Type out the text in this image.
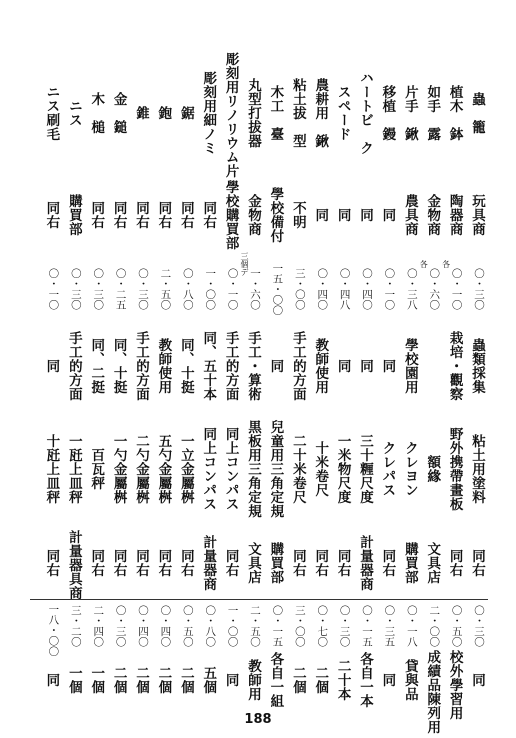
蟲　籠
植木　鉢
如手　露
片手　鍬
移植　鏝
ハートビ　ク
スペード
農耕用　鍬
粘土拔　型
木工　臺
丸型打拔器
彫刻用リノリウム片
彫刻用細ノミ
鋸
鉋
錐
金　鎚
木　槌
ニス
ニス刷毛
玩具商
陶器商
金物商
農具商
同
同
同
同
不明
學校備付
金物商
學校購買部
同右
同右
同右
同右
同右
同右
購買部
同右
〇・三〇
〇・一〇
〇・六〇
〇・三八
〇・一〇
〇・四〇
〇・四八
〇・四〇
三・〇〇
一五・〇〇
一・六〇
〇・一〇
一・〇〇
〇・八〇
二・五〇
〇・三〇
〇・二五
〇・三〇
〇・三〇
〇・一〇
各
各
三個デ
蟲類採集
栽培・觀察
學校園用
同
同
同
教師使用
手工的方面
同
手工・算術
手工的方面
同、五十本
同、十挺
教師使用
手工的方面
同、十挺
同、二挺
手工的方面
同
粘土用塗料
野外携帶畫板
額緣
クレヨン
クレパス
三十糎尺度
一米物尺度
十米卷尺
二十米卷尺
兒童用三角定規
黒板用三角定規
同上コンパス
同上コンパス
一立金屬桝
五勺金屬桝
二勺金屬桝
一勺金屬桝
百瓦秤
一瓩上皿秤
十瓩上皿秤
同右
同右
文具店
購買部
同右
計量器商
同右
同右
同右
購買部
文具店
同右
計量器商
同右
同右
同右
同右
同右
計量器具商
同右
〇・三〇
〇・五〇
二・〇〇
〇・一八
〇・三五
〇・一五
〇・三〇
〇・七〇
三・〇〇
〇・一五
二・五〇
一・〇〇
〇・八〇
〇・五〇
〇・四〇
〇・四〇
〇・三〇
二・四〇
三・二〇
一八・〇〇
同
校外學習用
成績品陳列用
貸與品
同
各自一本
二十本
二個
二個
各自一組
教師用
同
五個
二個
二個
二個
二個
一個
一個
同
188
